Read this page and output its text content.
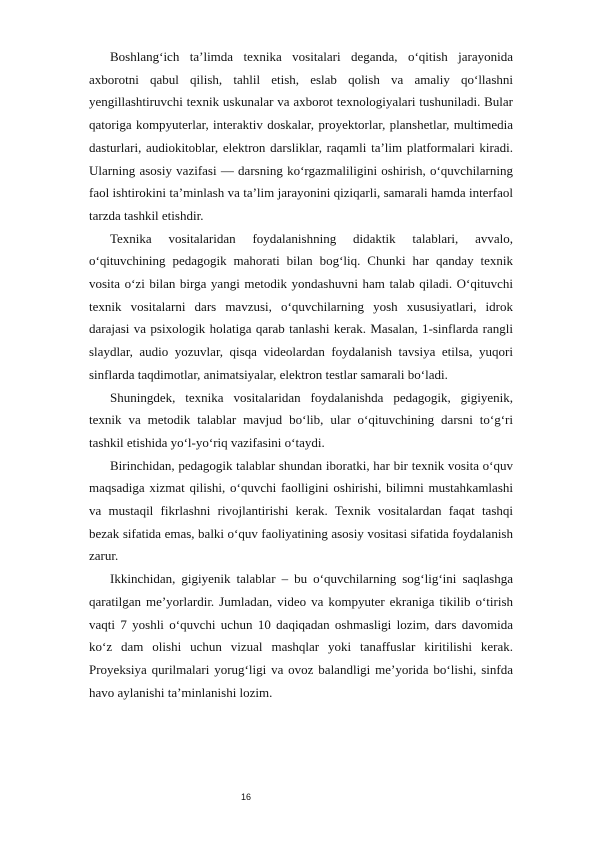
Boshlang‘ich ta’limda texnika vositalari deganda, o‘qitish jarayonida axborotni qabul qilish, tahlil etish, eslab qolish va amaliy qo‘llashni yengillashtiruvchi texnik uskunalar va axborot texnologiyalari tushuniladi. Bular qatoriga kompyuterlar, interaktiv doskalar, proyektorlar, planshetlar, multimedia dasturlari, audiokitoblar, elektron darsliklar, raqamli ta’lim platformalari kiradi. Ularning asosiy vazifasi — darsning ko‘rgazmaliligini oshirish, o‘quvchilarning faol ishtirokini ta’minlash va ta’lim jarayonini qiziqarli, samarali hamda interfaol tarzda tashkil etishdir.

Texnika vositalaridan foydalanishning didaktik talablari, avvalo, o‘qituvchining pedagogik mahorati bilan bog‘liq. Chunki har qanday texnik vosita o‘zi bilan birga yangi metodik yondashuvni ham talab qiladi. O‘qituvchi texnik vositalarni dars mavzusi, o‘quvchilarning yosh xususiyatlari, idrok darajasi va psixologik holatiga qarab tanlashi kerak. Masalan, 1-sinflarda rangli slaydlar, audio yozuvlar, qisqa videolardan foydalanish tavsiya etilsa, yuqori sinflarda taqdimotlar, animatsiyalar, elektron testlar samarali bo‘ladi.

Shuningdek, texnika vositalaridan foydalanishda pedagogik, gigiyenik, texnik va metodik talablar mavjud bo‘lib, ular o‘qituvchining darsni to‘g‘ri tashkil etishida yo‘l-yo‘riq vazifasini o‘taydi.

Birinchidan, pedagogik talablar shundan iboratki, har bir texnik vosita o‘quv maqsadiga xizmat qilishi, o‘quvchi faolligini oshirishi, bilimni mustahkamlashi va mustaqil fikrlashni rivojlantirishi kerak. Texnik vositalardan faqat tashqi bezak sifatida emas, balki o‘quv faoliyatining asosiy vositasi sifatida foydalanish zarur.

Ikkinchidan, gigiyenik talablar – bu o‘quvchilarning sog‘lig‘ini saqlashga qaratilgan me’yorlardir. Jumladan, video va kompyuter ekraniga tikilib o‘tirish vaqti 7 yoshli o‘quvchi uchun 10 daqiqadan oshmasligi lozim, dars davomida ko‘z dam olishi uchun vizual mashqlar yoki tanaffuslar kiritilishi kerak. Proyeksiya qurilmalari yorug‘ligi va ovoz balandligi me’yorida bo‘lishi, sinfda havo aylanishi ta’minlanishi lozim.

16
